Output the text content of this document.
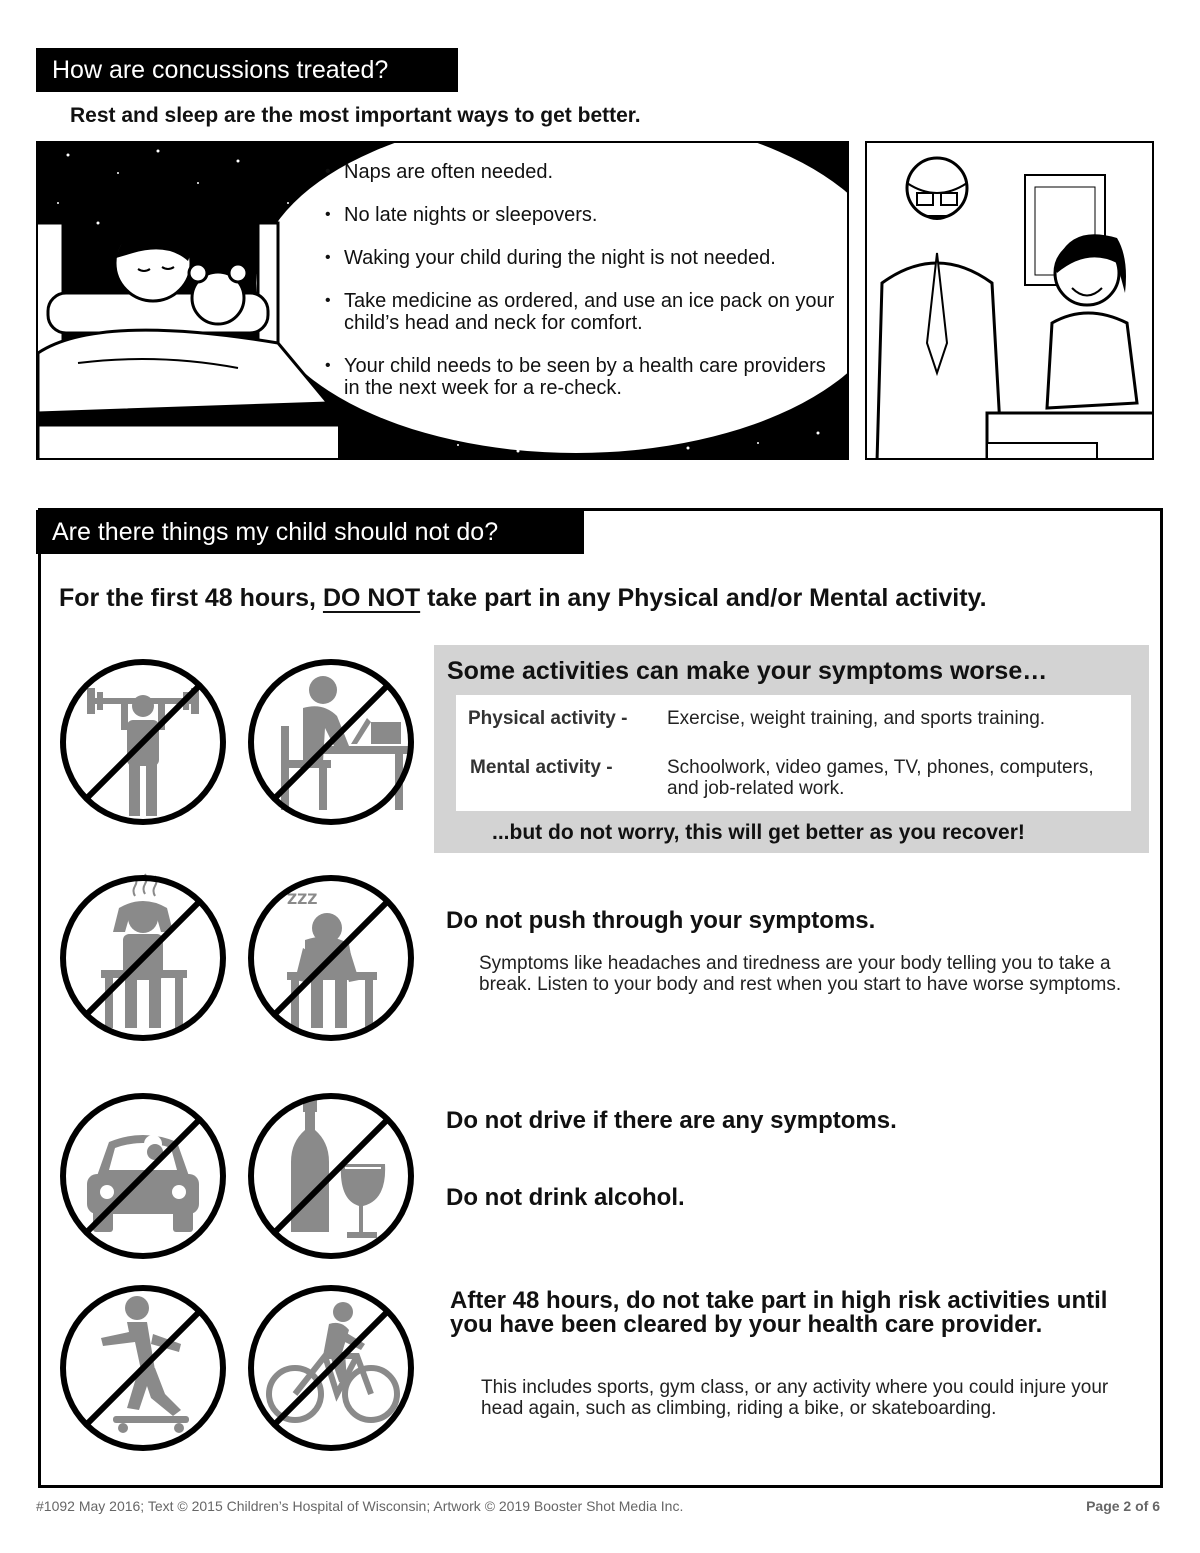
How are concussions treated?
Rest and sleep are the most important ways to get better.
• Naps are often needed.
• No late nights or sleepovers.
• Waking your child during the night is not needed.
• Take medicine as ordered, and use an ice pack on your child’s head and neck for comfort.
• Your child needs to be seen by a health care providers in the next week for a re-check.
Are there things my child should not do?
For the first 48 hours, DO NOT take part in any Physical and/or Mental activity.
ZZZ
Some activities can make your symptoms worse…
Physical activity - Exercise, weight training, and sports training.
Mental activity -	Schoolwork, video games, TV, phones, computers, and job-related work.
...but do not worry, this will get better as you recover!
Do not push through your symptoms.
Symptoms like headaches and tiredness are your body telling you to take a break. Listen to your body and rest when you start to have worse symptoms.
Do not drive if there are any symptoms.
Do not drink alcohol.
After 48 hours, do not take part in high risk activities until you have been cleared by your health care provider.
This includes sports, gym class, or any activity where you could injure your head again, such as climbing, riding a bike, or skateboarding.
#1092 May 2016; Text © 2015 Children’s Hospital of Wisconsin; Artwork © 2019 Booster Shot Media Inc.	Page 2 of 6
